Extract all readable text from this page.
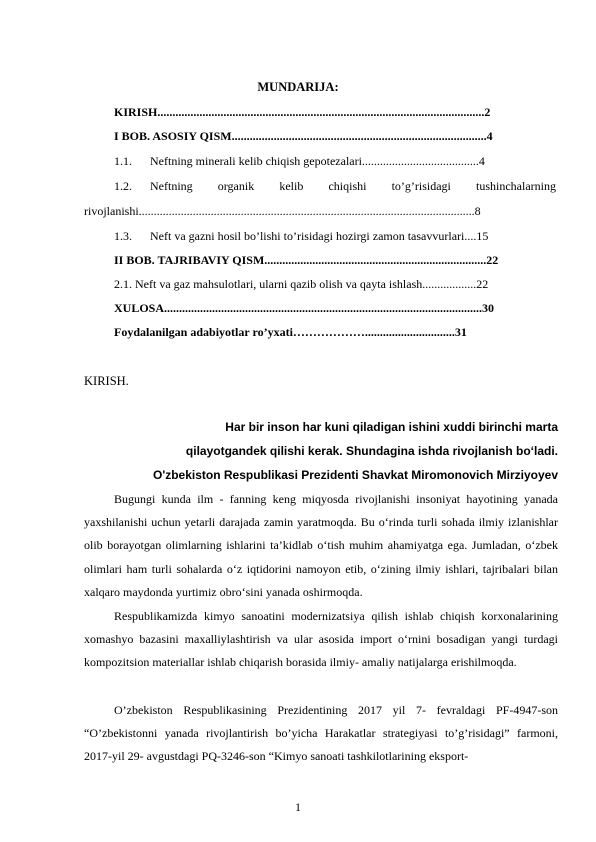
MUNDARIJA:
KIRISH.............................................................................................................2
I BOB. ASOSIY QISM.....................................................................................4
1.1. Neftning minerali kelib chiqish gepotezalari.......................................4
1.2. Neftning organik kelib chiqishi to’g’risidagi tushinchalarning
rivojlanishi................................................................................................................8
1.3. Neft va gazni hosil bo’lishi to’risidagi hozirgi zamon tasavvurlari....15
II BOB. TAJRIBAVIY QISM..........................................................................22
2.1. Neft va gaz mahsulotlari, ularni qazib olish va qayta ishlash..................22
XULOSA..........................................................................................................30
Foydalanilgan adabiyotlar ro’yxati………………..............................31
KIRISH.
Har bir inson har kuni qiladigan ishini xuddi birinchi marta
qilayotgandek qilishi kerak. Shundagina ishda rivojlanish bo‘ladi.
O'zbekiston Respublikasi Prezidenti Shavkat Miromonovich Mirziyoyev
Bugungi kunda ilm - fanning keng miqyosda rivojlanishi insoniyat hayotining yanada yaxshilanishi uchun yetarli darajada zamin yaratmoqda. Bu o‘rinda turli sohada ilmiy izlanishlar olib borayotgan olimlarning ishlarini ta’kidlab o‘tish muhim ahamiyatga ega. Jumladan, o‘zbek olimlari ham turli sohalarda o‘z iqtidorini namoyon etib, o‘zining ilmiy ishlari, tajribalari bilan xalqaro maydonda yurtimiz obro‘sini yanada oshirmoqda.
Respublikamizda kimyo sanoatini modernizatsiya qilish ishlab chiqish korxonalarining xomashyo bazasini maxalliylashtirish va ular asosida import o‘rnini bosadigan yangi turdagi kompozitsion materiallar ishlab chiqarish borasida ilmiy- amaliy natijalarga erishilmoqda.
O’zbekiston Respublikasining Prezidentining 2017 yil 7- fevraldagi PF-4947-son “O’zbekistonni yanada rivojlantirish bo’yicha Harakatlar strategiyasi to’g’risidagi” farmoni, 2017-yil 29- avgustdagi PQ-3246-son “Kimyo sanoati tashkilotlarining eksport-
1
